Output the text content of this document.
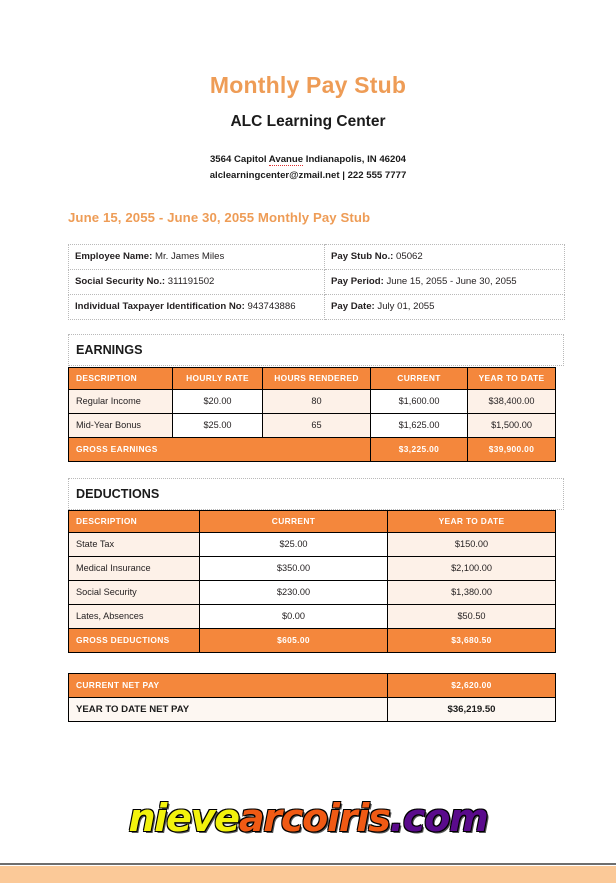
Monthly Pay Stub
ALC Learning Center
3564 Capitol Avanue Indianapolis, IN 46204
alclearningcenter@zmail.net | 222 555 7777
June 15, 2055 - June 30, 2055 Monthly Pay Stub
Employee Name: Mr. James Miles	Pay Stub No.: 05062
Social Security No.: 311191502	Pay Period: June 15, 2055 - June 30, 2055
Individual Taxpayer Identification No: 943743886	Pay Date: July 01, 2055
EARNINGS
DESCRIPTION	HOURLY RATE	HOURS RENDERED	CURRENT	YEAR TO DATE
Regular Income	$20.00	80	$1,600.00	$38,400.00
Mid-Year Bonus	$25.00	65	$1,625.00	$1,500.00
GROSS EARNINGS			$3,225.00	$39,900.00
DEDUCTIONS
DESCRIPTION	CURRENT	YEAR TO DATE
State Tax	$25.00	$150.00
Medical Insurance	$350.00	$2,100.00
Social Security	$230.00	$1,380.00
Lates, Absences	$0.00	$50.50
GROSS DEDUCTIONS	$605.00	$3,680.50
CURRENT NET PAY	$2,620.00
YEAR TO DATE NET PAY	$36,219.50
nievearcoiris.com
